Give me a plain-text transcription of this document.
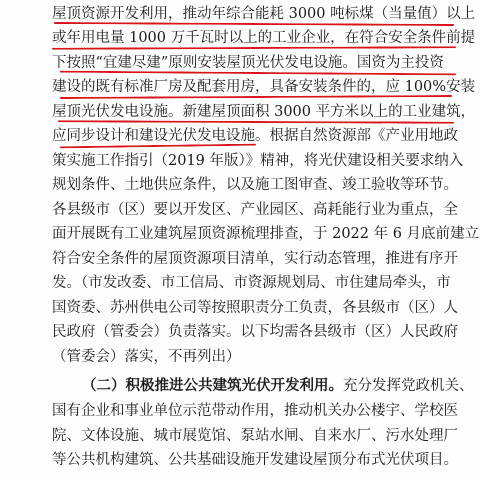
屋顶资源开发利用，推动年综合能耗 3000 吨标煤（当量值）以上
或年用电量 1000 万千瓦时以上的工业企业，在符合安全条件前提
下按照“宜建尽建”原则安装屋顶光伏发电设施。国资为主投资
建设的既有标准厂房及配套用房，具备安装条件的，应 100%安装
屋顶光伏发电设施。新建屋顶面积 3000 平方米以上的工业建筑，
应同步设计和建设光伏发电设施。根据自然资源部《产业用地政
策实施工作指引（2019 年版）》精神，将光伏建设相关要求纳入
规划条件、土地供应条件，以及施工图审查、竣工验收等环节。
各县级市（区）要以开发区、产业园区、高耗能行业为重点，全
面开展既有工业建筑屋顶资源梳理排查，于 2022 年 6 月底前建立
符合安全条件的屋顶资源项目清单，实行动态管理，推进有序开
发。（市发改委、市工信局、市资源规划局、市住建局牵头，市
国资委、苏州供电公司等按照职责分工负责，各县级市（区）人
民政府（管委会）负责落实。以下均需各县级市（区）人民政府
（管委会）落实，不再列出）
（二）积极推进公共建筑光伏开发利用。充分发挥党政机关、
国有企业和事业单位示范带动作用，推动机关办公楼宇、学校医
院、文体设施、城市展览馆、泵站水闸、自来水厂、污水处理厂
等公共机构建筑、公共基础设施开发建设屋顶分布式光伏项目。
